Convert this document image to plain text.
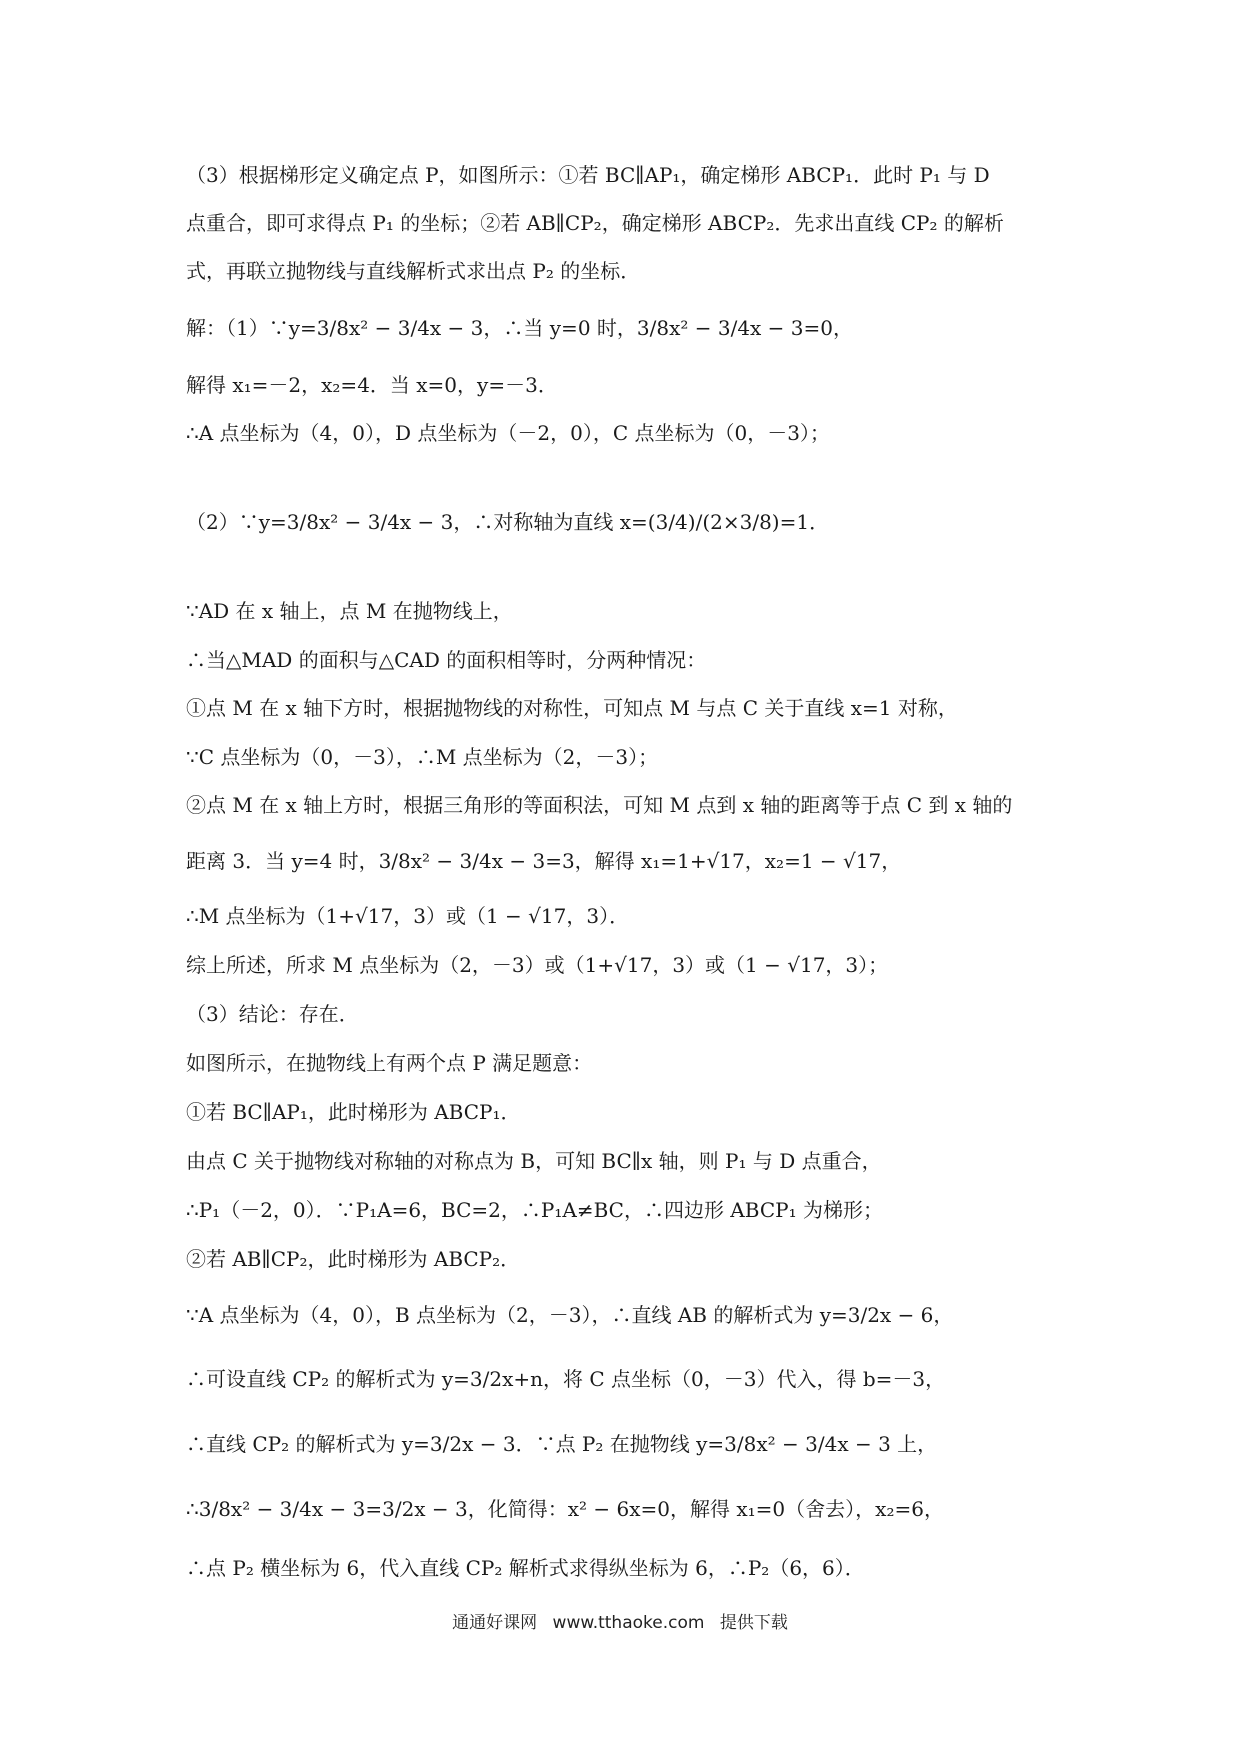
（3）根据梯形定义确定点 P，如图所示：①若 BC∥AP₁，确定梯形 ABCP₁．此时 P₁ 与 D
点重合，即可求得点 P₁ 的坐标；②若 AB∥CP₂，确定梯形 ABCP₂．先求出直线 CP₂ 的解析
式，再联立抛物线与直线解析式求出点 P₂ 的坐标．
解：（1）∵y=3/8x² − 3/4x − 3，∴当 y=0 时，3/8x² − 3/4x − 3=0，
解得 x₁=－2，x₂=4．当 x=0，y=－3．
∴A 点坐标为（4，0），D 点坐标为（－2，0），C 点坐标为（0，－3）；
（2）∵y=3/8x² − 3/4x − 3，∴对称轴为直线 x=(3/4)/(2×3/8)=1．
∵AD 在 x 轴上，点 M 在抛物线上，
∴当△MAD 的面积与△CAD 的面积相等时，分两种情况：
①点 M 在 x 轴下方时，根据抛物线的对称性，可知点 M 与点 C 关于直线 x=1 对称，
∵C 点坐标为（0，－3），∴M 点坐标为（2，－3）；
②点 M 在 x 轴上方时，根据三角形的等面积法，可知 M 点到 x 轴的距离等于点 C 到 x 轴的
距离 3．当 y=4 时，3/8x² − 3/4x − 3=3，解得 x₁=1+√17，x₂=1 − √17，
∴M 点坐标为（1+√17，3）或（1 − √17，3）．
综上所述，所求 M 点坐标为（2，－3）或（1+√17，3）或（1 − √17，3）；
（3）结论：存在．
如图所示，在抛物线上有两个点 P 满足题意：
①若 BC∥AP₁，此时梯形为 ABCP₁．
由点 C 关于抛物线对称轴的对称点为 B，可知 BC∥x 轴，则 P₁ 与 D 点重合，
∴P₁（－2，0）．∵P₁A=6，BC=2，∴P₁A≠BC，∴四边形 ABCP₁ 为梯形；
②若 AB∥CP₂，此时梯形为 ABCP₂．
∵A 点坐标为（4，0），B 点坐标为（2，－3），∴直线 AB 的解析式为 y=3/2x − 6，
∴可设直线 CP₂ 的解析式为 y=3/2x+n，将 C 点坐标（0，－3）代入，得 b=－3，
∴直线 CP₂ 的解析式为 y=3/2x − 3．∵点 P₂ 在抛物线 y=3/8x² − 3/4x − 3 上，
∴3/8x² − 3/4x − 3=3/2x − 3，化简得：x² − 6x=0，解得 x₁=0（舍去），x₂=6，
∴点 P₂ 横坐标为 6，代入直线 CP₂ 解析式求得纵坐标为 6，∴P₂（6，6）．
通通好课网 www.tthaoke.com 提供下载
